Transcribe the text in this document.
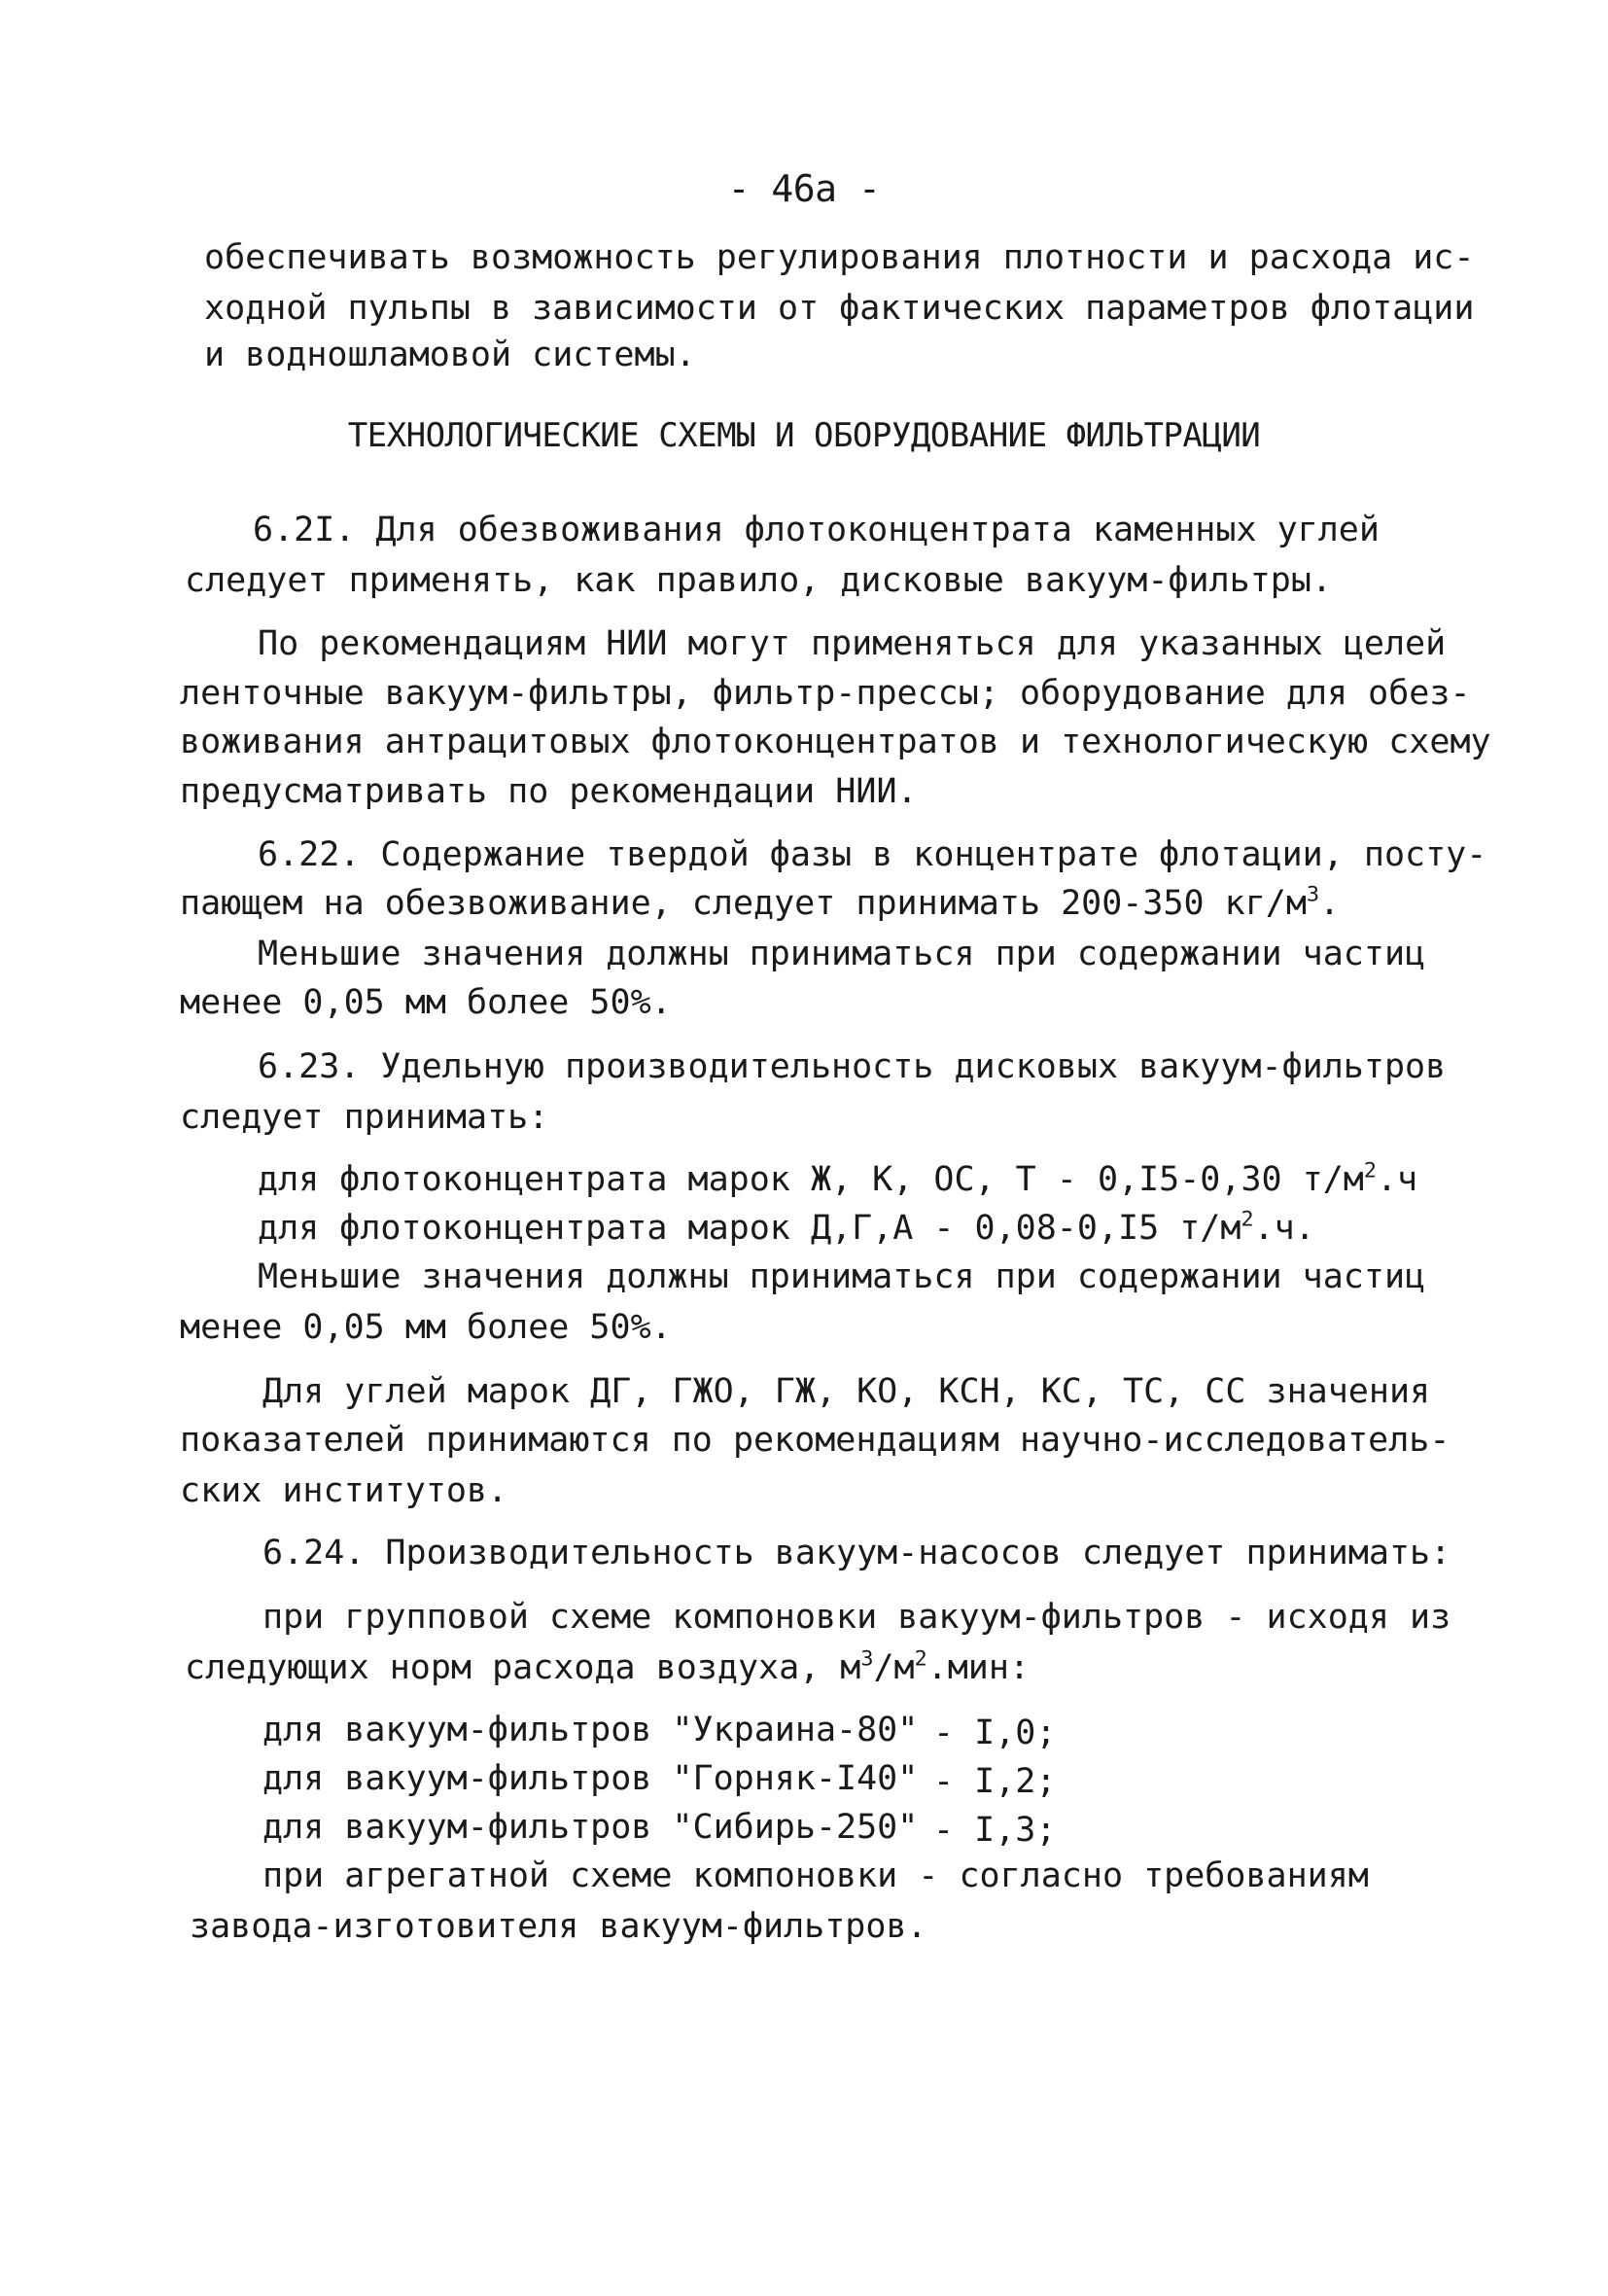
- 46а -
обеспечивать возможность регулирования плотности и расхода ис-
ходной пульпы в зависимости от фактических параметров флотации
и водношламовой системы.
ТЕХНОЛОГИЧЕСКИЕ СХЕМЫ И ОБОРУДОВАНИЕ ФИЛЬТРАЦИИ
6.2I. Для обезвоживания флотоконцентрата каменных углей
следует применять, как правило, дисковые вакуум-фильтры.
По рекомендациям НИИ могут применяться для указанных целей
ленточные вакуум-фильтры, фильтр-прессы; оборудование для обез-
воживания антрацитовых флотоконцентратов и технологическую схему
предусматривать по рекомендации НИИ.
6.22. Содержание твердой фазы в концентрате флотации, посту-
пающем на обезвоживание, следует принимать 200-350 $кг/м^3$.
Меньшие значения должны приниматься при содержании частиц
менее 0,05 мм более 50%.
6.23. Удельную производительность дисковых вакуум-фильтров
следует принимать:
для флотоконцентрата марок Ж, К, ОС, Т - 0,I5-0,30 $т/м^2.ч$
для флотоконцентрата марок Д,Г,А - 0,08-0,I5 $т/м^2.ч$.
Меньшие значения должны приниматься при содержании частиц
менее 0,05 мм более 50%.
Для углей марок ДГ, ГЖО, ГЖ, КО, КСН, КС, ТС, СС значения
показателей принимаются по рекомендациям научно-исследователь-
ских институтов.
6.24. Производительность вакуум-насосов следует принимать:
при групповой схеме компоновки вакуум-фильтров - исходя из
следующих норм расхода воздуха, $м^3/м^2.мин$:
для вакуум-фильтров "Украина-80" - I,0;
для вакуум-фильтров "Горняк-I40" - I,2;
для вакуум-фильтров "Сибирь-250" - I,3;
при агрегатной схеме компоновки - согласно требованиям
завода-изготовителя вакуум-фильтров.
